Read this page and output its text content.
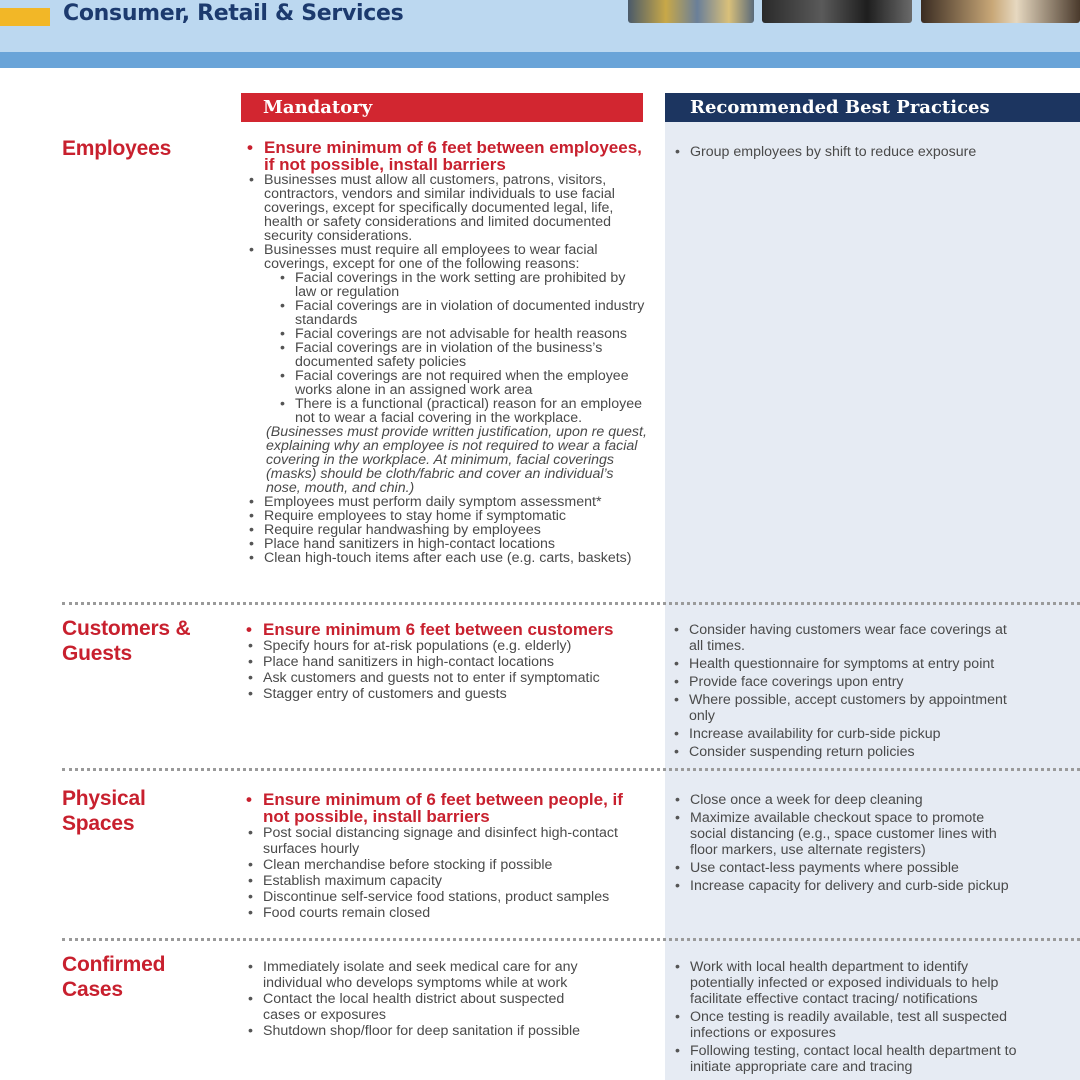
Consumer, Retail & Services
Mandatory	Recommended Best Practices
Employees
•	Ensure minimum of 6 feet between employees, if not possible, install barriers
• Businesses must allow all customers, patrons, visitors, contractors, vendors and similar individuals to use facial coverings, except for specifically documented legal, life, health or safety considerations and limited documented security considerations.
• Businesses must require all employees to wear facial coverings, except for one of the following reasons:
• Facial coverings in the work setting are prohibited by law or regulation
• Facial coverings are in violation of documented industry standards
• Facial coverings are not advisable for health reasons
• Facial coverings are in violation of the business’s documented safety policies
• Facial coverings are not required when the employee works alone in an assigned work area
• There is a functional (practical) reason for an employee not to wear a facial covering in the workplace.
(Businesses must provide written justification, upon re quest, explaining why an employee is not required to wear a facial covering in the workplace. At minimum, facial coverings (masks) should be cloth/fabric and cover an individual’s nose, mouth, and chin.)
• Employees must perform daily symptom assessment*
• Require employees to stay home if symptomatic
• Require regular handwashing by employees
• Place hand sanitizers in high-contact locations
• Clean high-touch items after each use (e.g. carts, baskets)
• Group employees by shift to reduce exposure
Customers & Guests
• Ensure minimum 6 feet between customers
• Specify hours for at-risk populations (e.g. elderly)
• Place hand sanitizers in high-contact locations
• Ask customers and guests not to enter if symptomatic
• Stagger entry of customers and guests
• Consider having customers wear face coverings at all times.
• Health questionnaire for symptoms at entry point
• Provide face coverings upon entry
• Where possible, accept customers by appointment only
• Increase availability for curb-side pickup
• Consider suspending return policies
Physical Spaces
• Ensure minimum of 6 feet between people, if not possible, install barriers
• Post social distancing signage and disinfect high-contact surfaces hourly
• Clean merchandise before stocking if possible
• Establish maximum capacity
• Discontinue self-service food stations, product samples
• Food courts remain closed
• Close once a week for deep cleaning
• Maximize available checkout space to promote social distancing (e.g., space customer lines with floor markers, use alternate registers)
• Use contact-less payments where possible
• Increase capacity for delivery and curb-side pickup
Confirmed Cases
• Immediately isolate and seek medical care for any individual who develops symptoms while at work
• Contact the local health district about suspected cases or exposures
• Shutdown shop/floor for deep sanitation if possible
• Work with local health department to identify potentially infected or exposed individuals to help facilitate effective contact tracing/ notifications
• Once testing is readily available, test all suspected infections or exposures
• Following testing, contact local health department to initiate appropriate care and tracing
